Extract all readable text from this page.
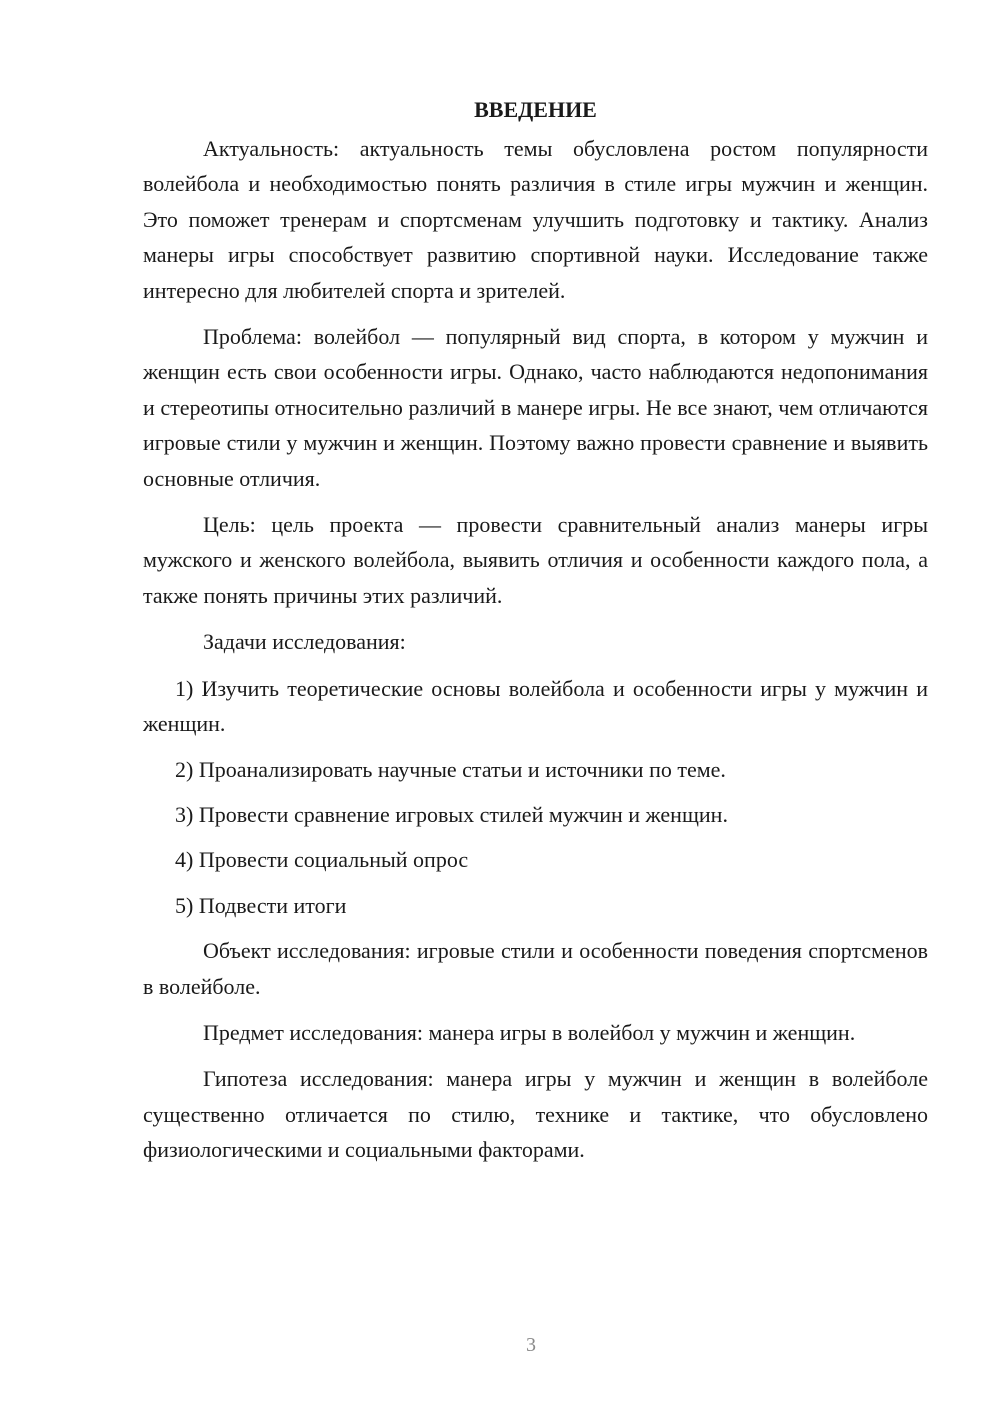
ВВЕДЕНИЕ

Актуальность: актуальность темы обусловлена ростом популярности волейбола и необходимостью понять различия в стиле игры мужчин и женщин. Это поможет тренерам и спортсменам улучшить подготовку и тактику. Анализ манеры игры способствует развитию спортивной науки. Исследование также интересно для любителей спорта и зрителей.

Проблема: волейбол — популярный вид спорта, в котором у мужчин и женщин есть свои особенности игры. Однако, часто наблюдаются недопонимания и стереотипы относительно различий в манере игры. Не все знают, чем отличаются игровые стили у мужчин и женщин. Поэтому важно провести сравнение и выявить основные отличия.

Цель: цель проекта — провести сравнительный анализ манеры игры мужского и женского волейбола, выявить отличия и особенности каждого пола, а также понять причины этих различий.

Задачи исследования:

1) Изучить теоретические основы волейбола и особенности игры у мужчин и женщин.

2) Проанализировать научные статьи и источники по теме.

3) Провести сравнение игровых стилей мужчин и женщин.

4) Провести социальный опрос

5) Подвести итоги

Объект исследования: игровые стили и особенности поведения спортсменов в волейболе.

Предмет исследования: манера игры в волейбол у мужчин и женщин.

Гипотеза исследования: манера игры у мужчин и женщин в волейболе существенно отличается по стилю, технике и тактике, что обусловлено физиологическими и социальными факторами.

3
